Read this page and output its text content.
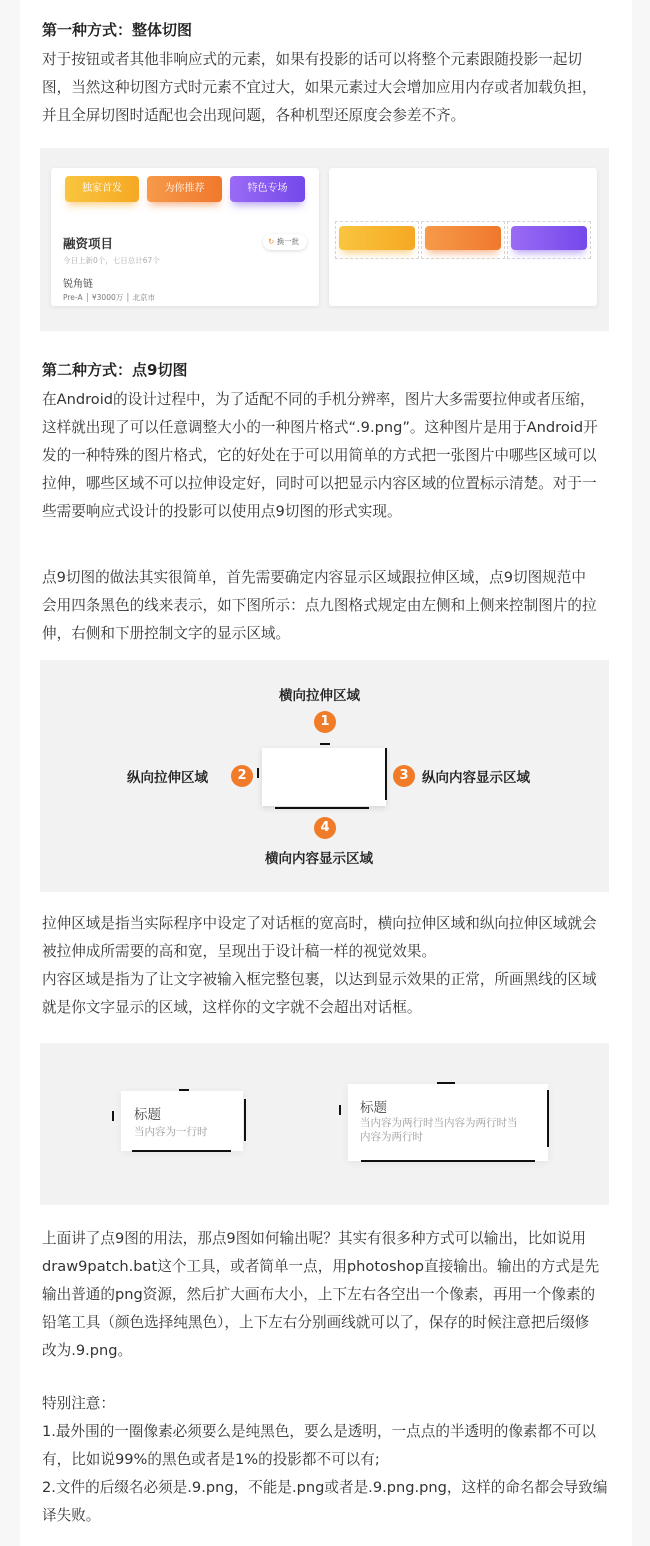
第一种方式：整体切图
对于按钮或者其他非响应式的元素，如果有投影的话可以将整个元素跟随投影一起切
图，当然这种切图方式时元素不宜过大，如果元素过大会增加应用内存或者加载负担，
并且全屏切图时适配也会出现问题，各种机型还原度会参差不齐。
独家首发	为你推荐	特色专场
融资项目
今日上新0个，七日总计67个
↻ 换一批
锐角链
Pre-A │ ¥3000万 │ 北京市
第二种方式：点9切图
在Android的设计过程中，为了适配不同的手机分辨率，图片大多需要拉伸或者压缩，
这样就出现了可以任意调整大小的一种图片格式“.9.png”。这种图片是用于Android开
发的一种特殊的图片格式，它的好处在于可以用简单的方式把一张图片中哪些区域可以
拉伸，哪些区域不可以拉伸设定好，同时可以把显示内容区域的位置标示清楚。对于一
些需要响应式设计的投影可以使用点9切图的形式实现。
点9切图的做法其实很简单，首先需要确定内容显示区域跟拉伸区域，点9切图规范中
会用四条黑色的线来表示，如下图所示：点九图格式规定由左侧和上侧来控制图片的拉
伸，右侧和下册控制文字的显示区域。
横向拉伸区域
1
纵向拉伸区域	2	3 纵向内容显示区域
4
横向内容显示区域
拉伸区域是指当实际程序中设定了对话框的宽高时，横向拉伸区域和纵向拉伸区域就会
被拉伸成所需要的高和宽，呈现出于设计稿一样的视觉效果。
内容区域是指为了让文字被输入框完整包裹，以达到显示效果的正常，所画黑线的区域
就是你文字显示的区域，这样你的文字就不会超出对话框。
标题
当内容为一行时
标题
当内容为两行时当内容为两行时当
内容为两行时
上面讲了点9图的用法，那点9图如何输出呢？其实有很多种方式可以输出，比如说用
draw9patch.bat这个工具，或者简单一点，用photoshop直接输出。输出的方式是先
输出普通的png资源，然后扩大画布大小，上下左右各空出一个像素，再用一个像素的
铅笔工具（颜色选择纯黑色），上下左右分别画线就可以了，保存的时候注意把后缀修
改为.9.png。
特别注意：
1.最外围的一圈像素必须要么是纯黑色，要么是透明，一点点的半透明的像素都不可以
有，比如说99%的黑色或者是1%的投影都不可以有;
2.文件的后缀名必须是.9.png，不能是.png或者是.9.png.png，这样的命名都会导致编
译失败。
